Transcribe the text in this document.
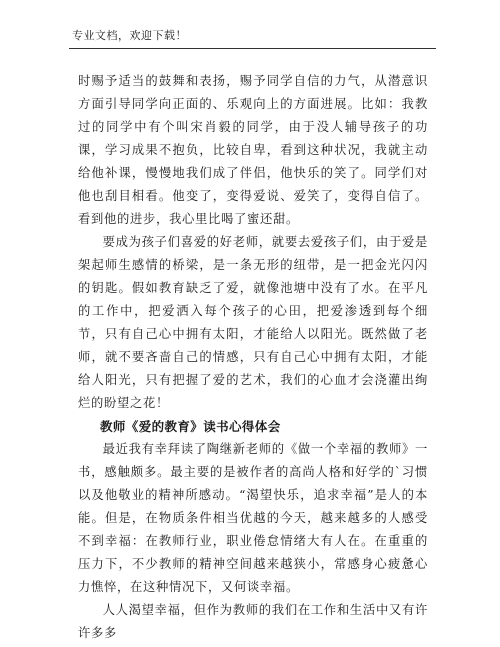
专业文档，欢迎下载！

时赐予适当的鼓舞和表扬，赐予同学自信的力气，从潜意识方面引导同学向正面的、乐观向上的方面进展。比如：我教过的同学中有个叫宋肖毅的同学，由于没人辅导孩子的功课，学习成果不抱负，比较自卑，看到这种状况，我就主动给他补课，慢慢地我们成了伴侣，他快乐的笑了。同学们对他也刮目相看。他变了，变得爱说、爱笑了，变得自信了。看到他的进步，我心里比喝了蜜还甜。

要成为孩子们喜爱的好老师，就要去爱孩子们，由于爱是架起师生感情的桥梁，是一条无形的纽带，是一把金光闪闪的钥匙。假如教育缺乏了爱，就像池塘中没有了水。在平凡的工作中，把爱洒入每个孩子的心田，把爱渗透到每个细节，只有自己心中拥有太阳，才能给人以阳光。既然做了老师，就不要吝啬自己的情感，只有自己心中拥有太阳，才能给人阳光，只有把握了爱的艺术，我们的心血才会浇灌出绚烂的盼望之花！

教师《爱的教育》读书心得体会

最近我有幸拜读了陶继新老师的《做一个幸福的教师》一书，感触颇多。最主要的是被作者的高尚人格和好学的`习惯以及他敬业的精神所感动。“渴望快乐，追求幸福”是人的本能。但是，在物质条件相当优越的今天，越来越多的人感受不到幸福：在教师行业，职业倦怠情绪大有人在。在重重的压力下，不少教师的精神空间越来越狭小，常感身心疲惫心力憔悴，在这种情况下，又何谈幸福。

人人渴望幸福，但作为教师的我们在工作和生活中又有许许多多
